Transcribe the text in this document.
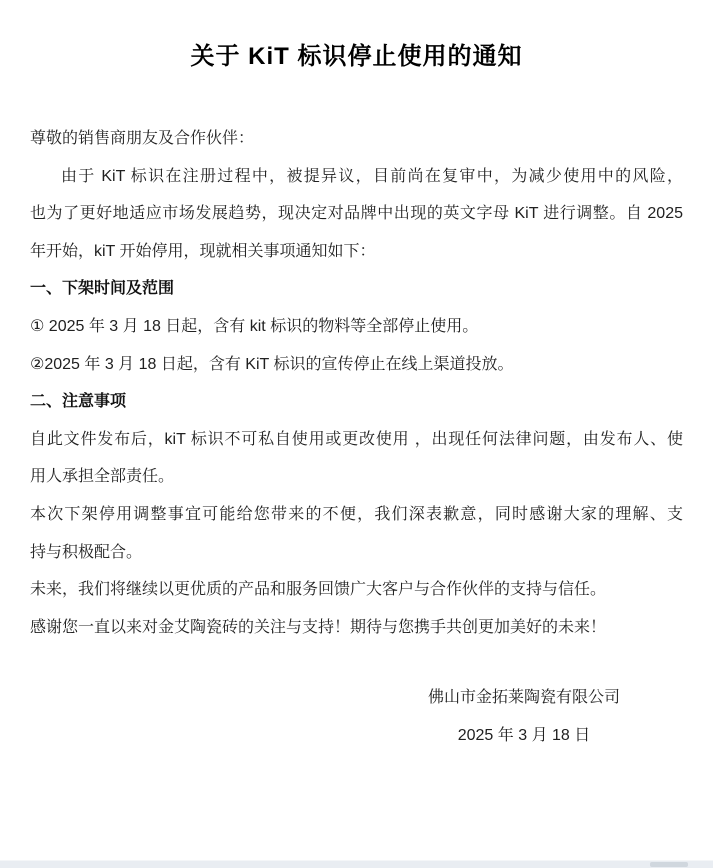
关于 KiT 标识停止使用的通知
尊敬的销售商朋友及合作伙伴：
由于 KiT 标识在注册过程中，被提异议，目前尚在复审中，为减少使用中的风险，
也为了更好地适应市场发展趋势，现决定对品牌中出现的英文字母 KiT 进行调整。自 2025
年开始，kiT 开始停用，现就相关事项通知如下：
一、下架时间及范围
① 2025 年 3 月 18 日起，含有 kit 标识的物料等全部停止使用。
②2025 年 3 月 18 日起，含有 KiT 标识的宣传停止在线上渠道投放。
二、注意事项
自此文件发布后，kiT 标识不可私自使用或更改使用 ，出现任何法律问题，由发布人、使
用人承担全部责任。
本次下架停用调整事宜可能给您带来的不便，我们深表歉意，同时感谢大家的理解、支
持与积极配合。
未来，我们将继续以更优质的产品和服务回馈广大客户与合作伙伴的支持与信任。
感谢您一直以来对金艾陶瓷砖的关注与支持！期待与您携手共创更加美好的未来！
佛山市金拓莱陶瓷有限公司
2025 年 3 月 18 日
